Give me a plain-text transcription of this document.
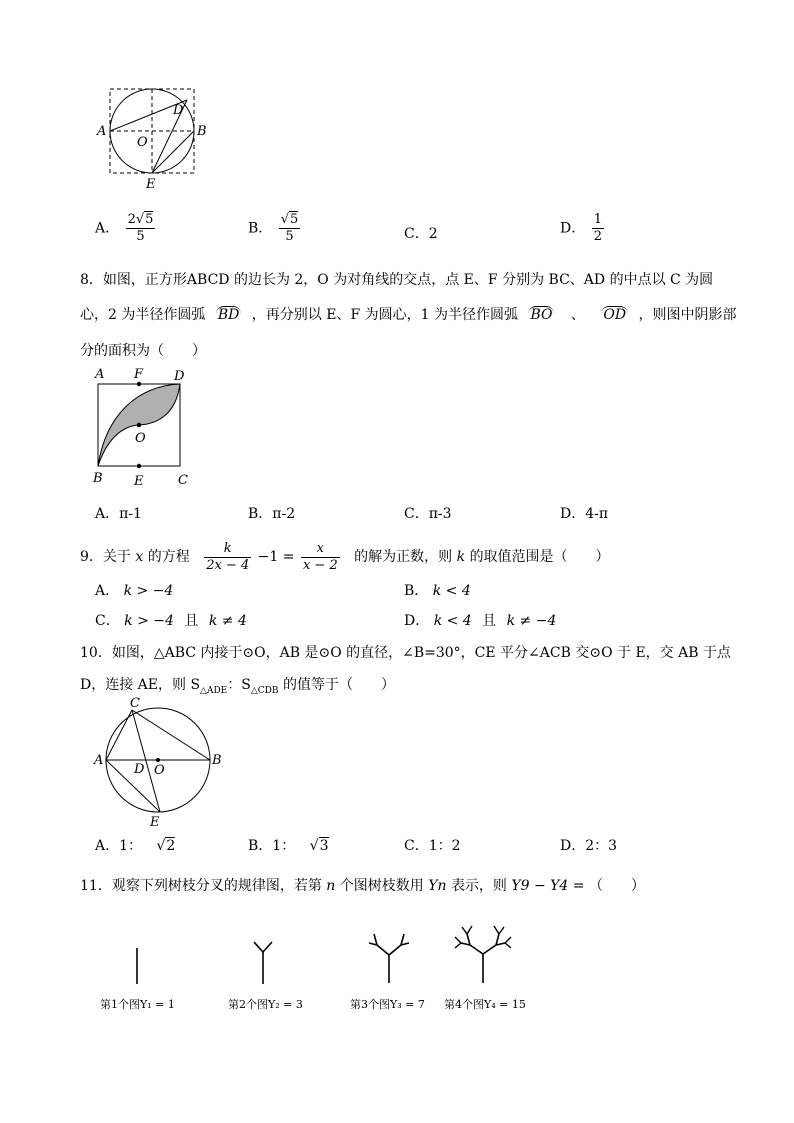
A	B
D
O
E
A． $\frac{2√5}{5}$	B． $\frac{√5}{5}$	C．2	D． $\frac{1}{2}$
8．如图，正方形ABCD 的边长为 2，O 为对角线的交点，点 E、F 分别为 BC、AD 的中点以 C 为圆
心，2 为半径作圆弧 BD ，再分别以 E、F 为圆心，1 为半径作圆弧 BO 、 OD ，则图中阴影部
分的面积为（　　）
A F D
O
B E	C
A．π-1	B．π-2	C．π-3	D．4-π
9．关于 x 的方程 $\frac{k}{2x - 4} -1 = \frac{x}{x - 2}$ 的解为正数，则 k 的取值范围是（　　）
A． k > −4	B． k < 4
C． k > −4 且 k ≠ 4	D． k < 4 且 k ≠ −4
10．如图，△ABC 内接于⊙O，AB 是⊙O 的直径，∠B=30°，CE 平分∠ACB 交⊙O 于 E，交 AB 于点
D，连接 AE，则 $S_{\triangle ADE}$：$S_{\triangle CDB}$ 的值等于（　　）
A	B
C
D O
E
A．1： √2	B．1： √3	C．1：2	D．2：3
11．观察下列树枝分叉的规律图，若第 n 个图树枝数用 Yn 表示，则 Y9 − Y4 = （　　）
第1个图Y₁ = 1	第2个图Y₂ = 3	第3个图Y₃ = 7 第4个图Y₄ = 15
